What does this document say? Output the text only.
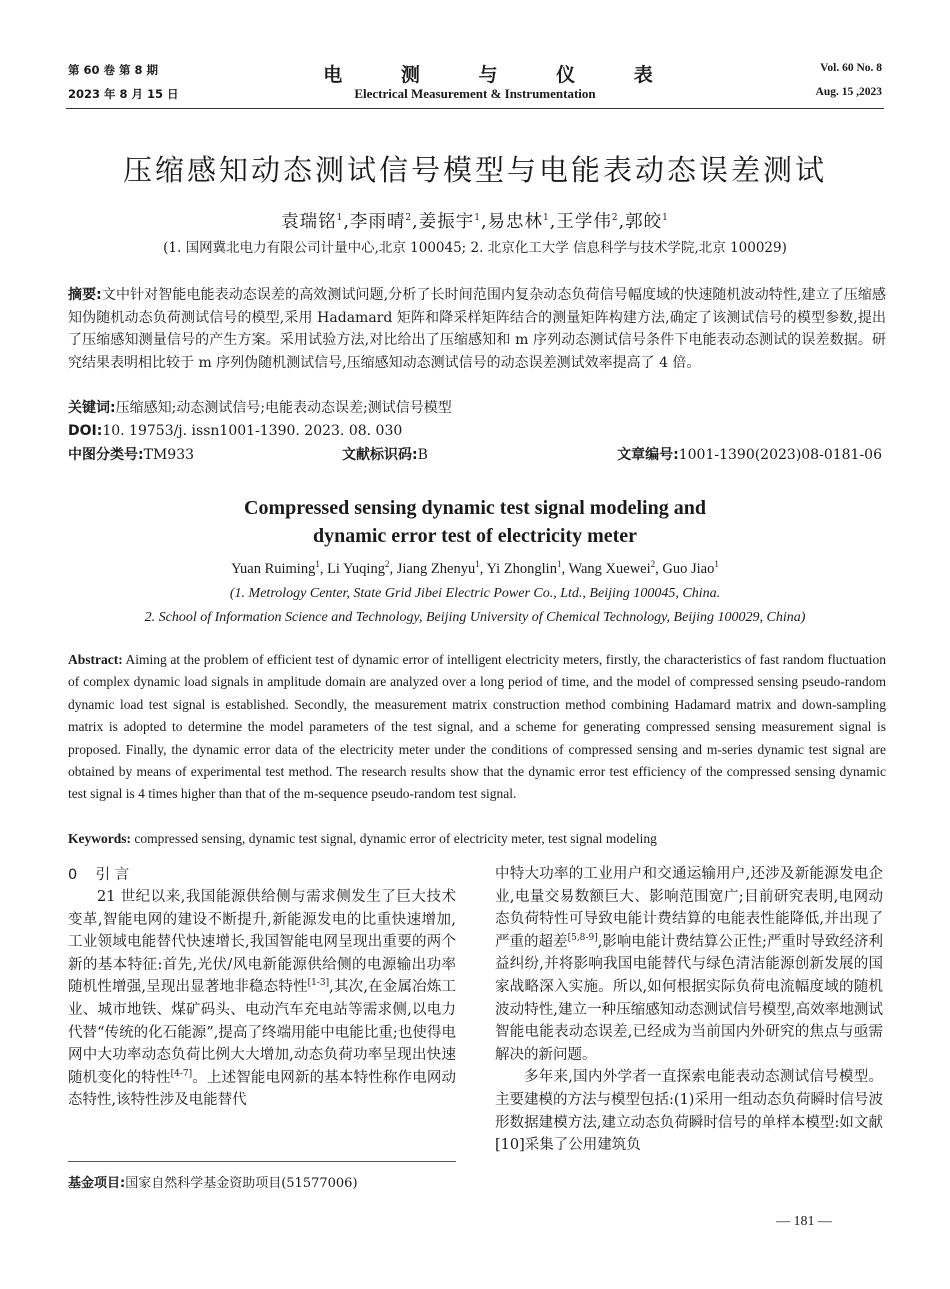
第 60 卷 第 8 期
2023 年 8 月 15 日
电 测 与 仪 表
Electrical Measurement & Instrumentation
Vol. 60 No. 8
Aug. 15 ,2023
压缩感知动态测试信号模型与电能表动态误差测试
袁瑞铭$^1$,李雨晴$^2$,姜振宇$^1$,易忠林$^1$,王学伟$^2$,郭皎$^1$
(1. 国网冀北电力有限公司计量中心,北京 100045; 2. 北京化工大学 信息科学与技术学院,北京 100029)
摘要:文中针对智能电能表动态误差的高效测试问题,分析了长时间范围内复杂动态负荷信号幅度域的快速随机波动特性,建立了压缩感知伪随机动态负荷测试信号的模型,采用 Hadamard 矩阵和降采样矩阵结合的测量矩阵构建方法,确定了该测试信号的模型参数,提出了压缩感知测量信号的产生方案。采用试验方法,对比给出了压缩感知和 m 序列动态测试信号条件下电能表动态测试的误差数据。研究结果表明相比较于 m 序列伪随机测试信号,压缩感知动态测试信号的动态误差测试效率提高了 4 倍。
关键词:压缩感知;动态测试信号;电能表动态误差;测试信号模型
DOI:10. 19753/j. issn1001-1390. 2023. 08. 030
中图分类号:TM933	文献标识码:B	文章编号:1001-1390(2023)08-0181-06
Compressed sensing dynamic test signal modeling and
dynamic error test of electricity meter
Yuan Ruiming$^1$, Li Yuqing$^2$, Jiang Zhenyu$^1$, Yi Zhonglin$^1$, Wang Xuewei$^2$, Guo Jiao$^1$
(1. Metrology Center, State Grid Jibei Electric Power Co., Ltd., Beijing 100045, China.
2. School of Information Science and Technology, Beijing University of Chemical Technology, Beijing 100029, China)
Abstract: Aiming at the problem of efficient test of dynamic error of intelligent electricity meters, firstly, the characteristics of fast random fluctuation of complex dynamic load signals in amplitude domain are analyzed over a long period of time, and the model of compressed sensing pseudo-random dynamic load test signal is established. Secondly, the measurement matrix construction method combining Hadamard matrix and down-sampling matrix is adopted to determine the model parameters of the test signal, and a scheme for generating compressed sensing measurement signal is proposed. Finally, the dynamic error data of the electricity meter under the conditions of compressed sensing and m-series dynamic test signal are obtained by means of experimental test method. The research results show that the dynamic error test efficiency of the compressed sensing dynamic test signal is 4 times higher than that of the m-sequence pseudo-random test signal.
Keywords: compressed sensing, dynamic test signal, dynamic error of electricity meter, test signal modeling
0 引 言

21 世纪以来,我国能源供给侧与需求侧发生了巨大技术变革,智能电网的建设不断提升,新能源发电的比重快速增加,工业领域电能替代快速增长,我国智能电网呈现出重要的两个新的基本特征:首先,光伏/风电新能源供给侧的电源输出功率随机性增强,呈现出显著地非稳态特性[1-3],其次,在金属冶炼工业、城市地铁、煤矿码头、电动汽车充电站等需求侧,以电力代替“传统的化石能源”,提高了终端用能中电能比重;也使得电网中大功率动态负荷比例大大增加,动态负荷功率呈现出快速随机变化的特性[4-7]。上述智能电网新的基本特性称作电网动态特性,该特性涉及电能替代

中特大功率的工业用户和交通运输用户,还涉及新能源发电企业,电量交易数额巨大、影响范围宽广;目前研究表明,电网动态负荷特性可导致电能计费结算的电能表性能降低,并出现了严重的超差[5,8-9],影响电能计费结算公正性;严重时导致经济利益纠纷,并将影响我国电能替代与绿色清洁能源创新发展的国家战略深入实施。所以,如何根据实际负荷电流幅度域的随机波动特性,建立一种压缩感知动态测试信号模型,高效率地测试智能电能表动态误差,已经成为当前国内外研究的焦点与亟需解决的新问题。

多年来,国内外学者一直探索电能表动态测试信号模型。主要建模的方法与模型包括:(1)采用一组动态负荷瞬时信号波形数据建模方法,建立动态负荷瞬时信号的单样本模型:如文献[10]采集了公用建筑负

基金项目:国家自然科学基金资助项目(51577006)
— 181 —
